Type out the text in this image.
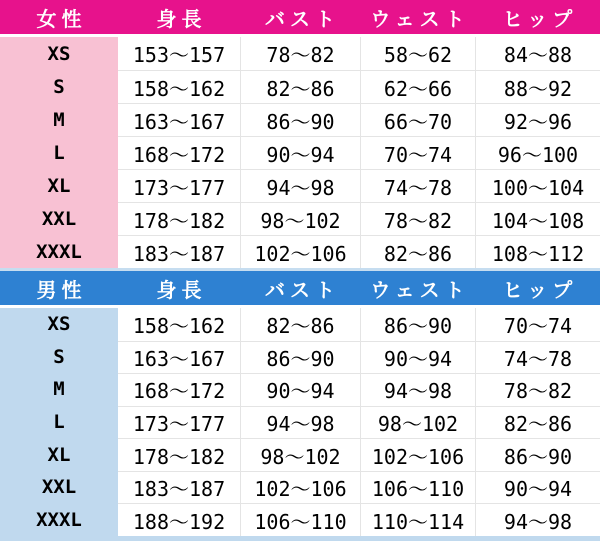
女性	身長	バスト	ウェスト	ヒップ
XS	153～157	78～82	58～62	84～88
S	158～162	82～86	62～66	88～92
M	163～167	86～90	66～70	92～96
L	168～172	90～94	70～74	96～100
XL	173～177	94～98	74～78	100～104
XXL	178～182	98～102	78～82	104～108
XXXL	183～187	102～106	82～86	108～112
男性	身長	バスト	ウェスト	ヒップ
XS	158～162	82～86	86～90	70～74
S	163～167	86～90	90～94	74～78
M	168～172	90～94	94～98	78～82
L	173～177	94～98	98～102	82～86
XL	178～182	98～102	102～106	86～90
XXL	183～187	102～106	106～110	90～94
XXXL	188～192	106～110	110～114	94～98
